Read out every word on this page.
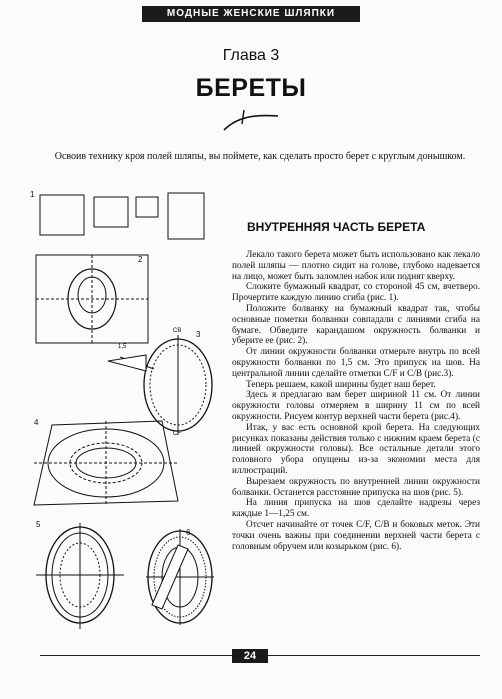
МОДНЫЕ ЖЕНСКИЕ ШЛЯПКИ
Глава 3
БЕРЕТЫ
Освоив технику кроя полей шляпы, вы поймете, как сделать просто берет с круглым донышком.
1
2
3
4
5
6
CB
CF
1,5
ВНУТРЕННЯЯ ЧАСТЬ БЕРЕТА

Лекало такого берета может быть использовано как лекало полей шляпы — плотно сидит на голове, глубоко надевается на лицо, может быть заломлен набок или поднят кверху.

Сложите бумажный квадрат, со стороной 45 см, вчетверо. Прочертите каждую линию сгиба (рис. 1).

Положите болванку на бумажный квадрат так, чтобы основные пометки болванки совпадали с линиями сгиба на бумаге. Обведите карандашом окружность болванки и уберите ее (рис. 2).

От линии окружности болванки отмерьте внутрь по всей окружности болванки по 1,5 см. Это припуск на шов. На центральной линии сделайте отметки C/F и C/B (рис.3).

Теперь решаем, какой ширины будет наш берет.

Здесь я предлагаю вам берет шириной 11 см. От линии окружности головы отмеряем в ширину 11 см по всей окружности. Рисуем контур верхней части берета (рис.4).

Итак, у вас есть основной крой берета. На следующих рисунках показаны действия только с нижним краем берета (с линией окружности головы). Все остальные детали этого головного убора опущены из-за экономии места для иллюстраций.

Вырезаем окружность по внутренней линии окружности болванки. Останется расстояние припуска на шов (рис. 5).

На линия припуска на шов сделайте надрезы через каждые 1—1,25 см.

Отсчет начинайте от точек C/F, C/B и боковых меток. Эти точки очень важны при соединении верхней части берета с головным обручем или козырьком (рис. 6).

24
